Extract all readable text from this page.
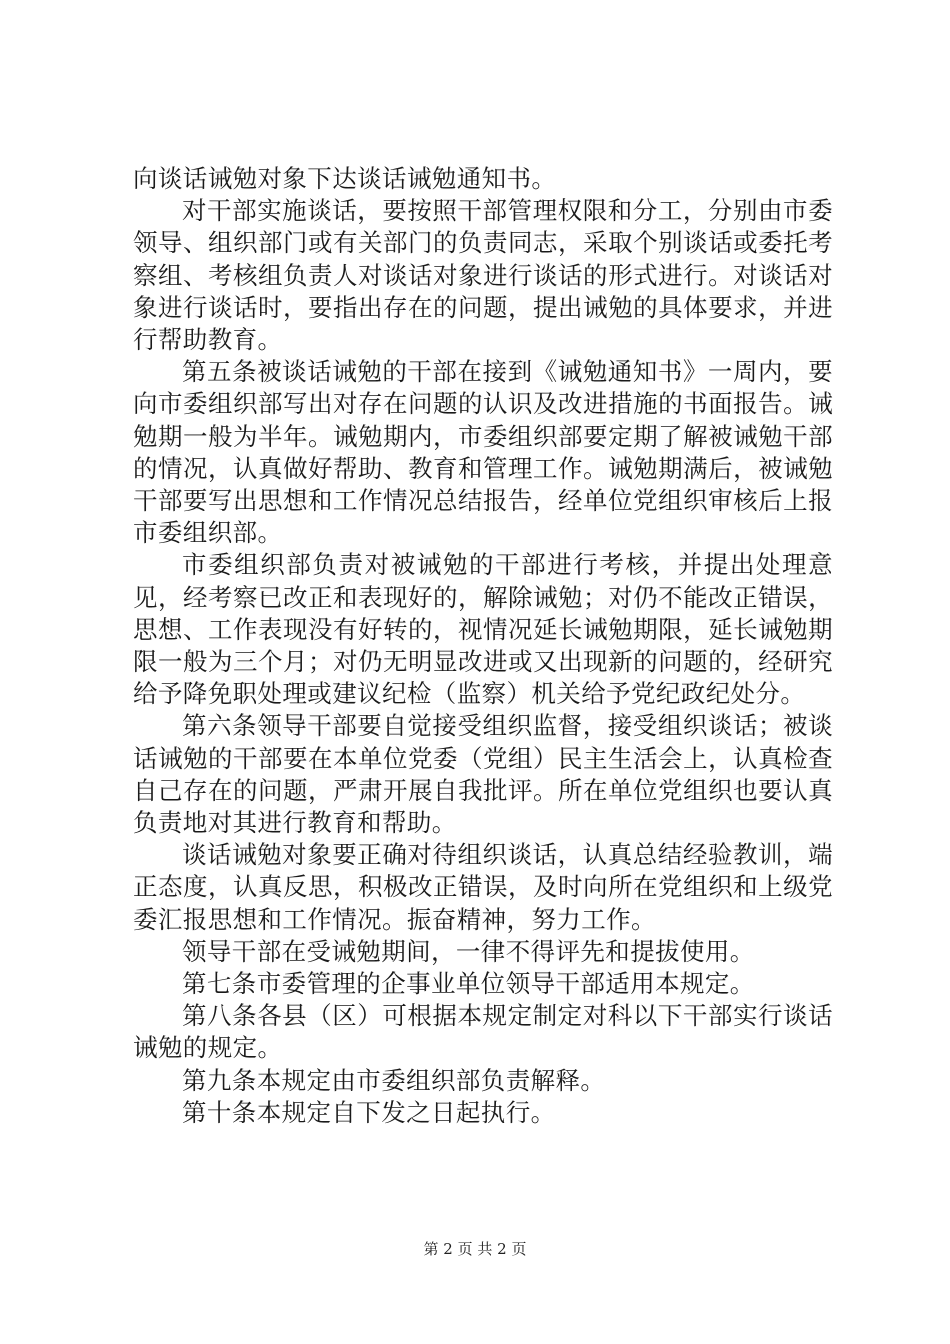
向谈话诫勉对象下达谈话诫勉通知书。

对干部实施谈话，要按照干部管理权限和分工，分别由市委领导、组织部门或有关部门的负责同志，采取个别谈话或委托考察组、考核组负责人对谈话对象进行谈话的形式进行。对谈话对象进行谈话时，要指出存在的问题，提出诫勉的具体要求，并进行帮助教育。

第五条被谈话诫勉的干部在接到《诫勉通知书》一周内，要向市委组织部写出对存在问题的认识及改进措施的书面报告。诫勉期一般为半年。诫勉期内，市委组织部要定期了解被诫勉干部的情况，认真做好帮助、教育和管理工作。诫勉期满后，被诫勉干部要写出思想和工作情况总结报告，经单位党组织审核后上报市委组织部。

市委组织部负责对被诫勉的干部进行考核，并提出处理意见，经考察已改正和表现好的，解除诫勉；对仍不能改正错误，思想、工作表现没有好转的，视情况延长诫勉期限，延长诫勉期限一般为三个月；对仍无明显改进或又出现新的问题的，经研究给予降免职处理或建议纪检（监察）机关给予党纪政纪处分。

第六条领导干部要自觉接受组织监督，接受组织谈话；被谈话诫勉的干部要在本单位党委（党组）民主生活会上，认真检查自己存在的问题，严肃开展自我批评。所在单位党组织也要认真负责地对其进行教育和帮助。

谈话诫勉对象要正确对待组织谈话，认真总结经验教训，端正态度，认真反思，积极改正错误，及时向所在党组织和上级党委汇报思想和工作情况。振奋精神，努力工作。

领导干部在受诫勉期间，一律不得评先和提拔使用。

第七条市委管理的企事业单位领导干部适用本规定。

第八条各县（区）可根据本规定制定对科以下干部实行谈话诫勉的规定。

第九条本规定由市委组织部负责解释。

第十条本规定自下发之日起执行。

第 2 页 共 2 页
